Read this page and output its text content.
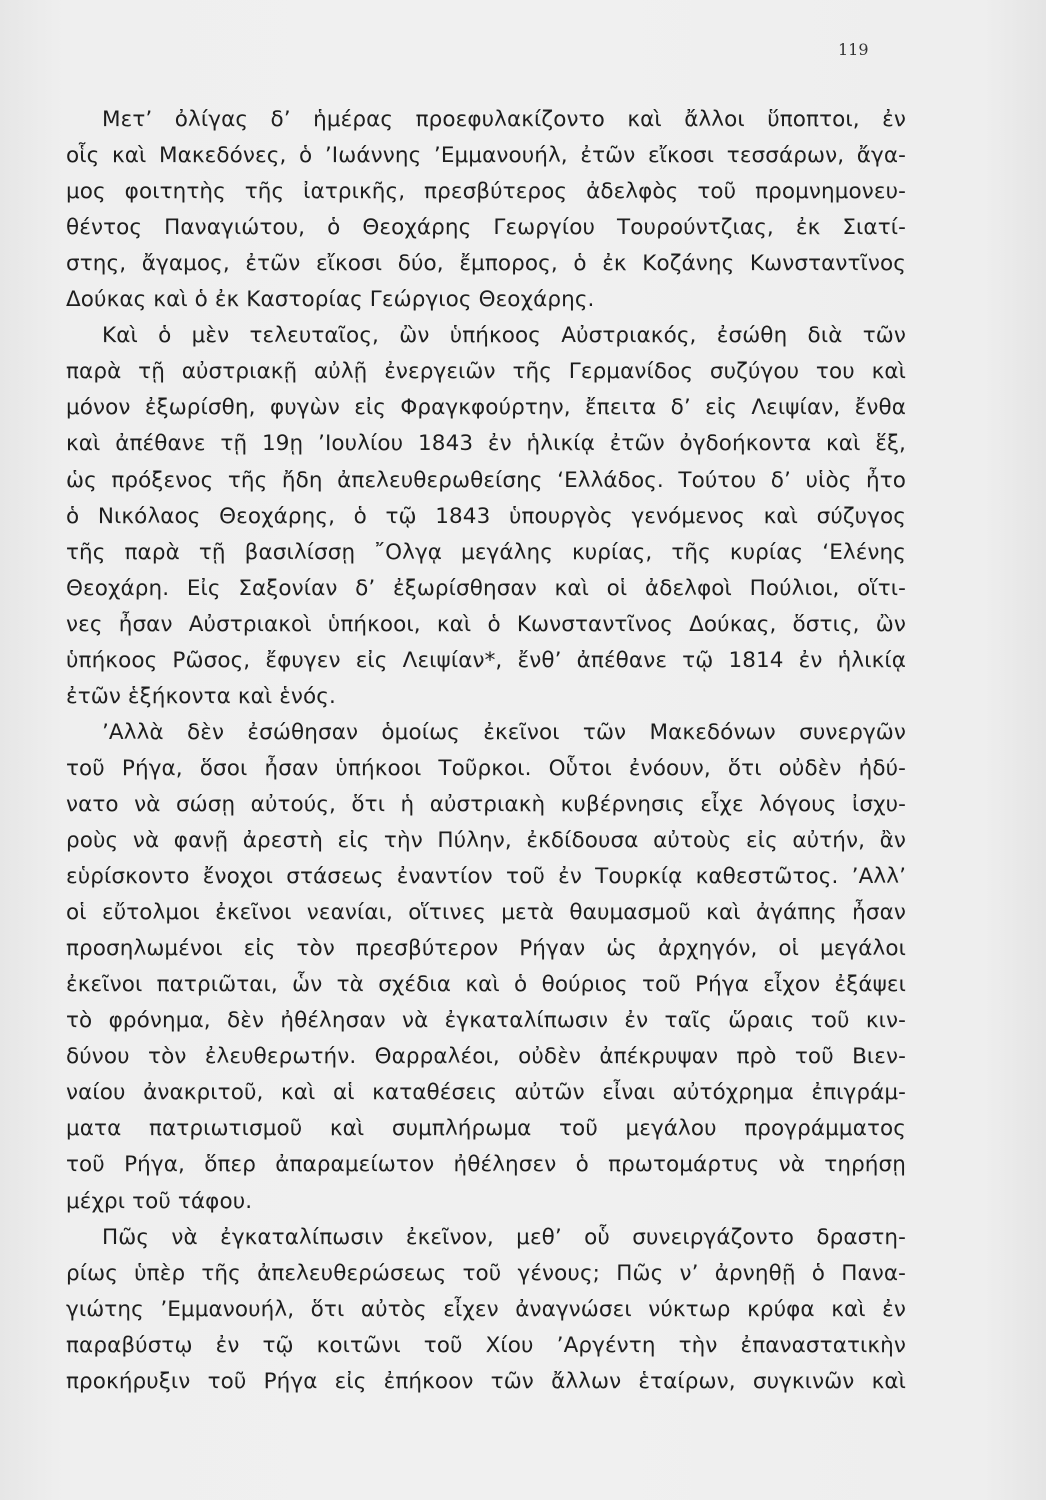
119
Μετ’ ὀλίγας δ’ ἡμέρας προεφυλακίζοντο καὶ ἄλλοι ὕποπτοι, ἐν
οἷς καὶ Μακεδόνες, ὁ ’Ιωάννης ’Εμμανουήλ, ἐτῶν εἴκοσι τεσσάρων, ἄγα-
μος φοιτητὴς τῆς ἰατρικῆς, πρεσβύτερος ἀδελφὸς τοῦ προμνημονευ-
θέντος Παναγιώτου, ὁ Θεοχάρης Γεωργίου Τουρούντζιας, ἐκ Σιατί-
στης, ἄγαμος, ἐτῶν εἴκοσι δύο, ἔμπορος, ὁ ἐκ Κοζάνης Κωνσταντῖνος
Δούκας καὶ ὁ ἐκ Καστορίας Γεώργιος Θεοχάρης.
Καὶ ὁ μὲν τελευταῖος, ὢν ὑπήκοος Αὐστριακός, ἐσώθη διὰ τῶν
παρὰ τῇ αὐστριακῇ αὐλῇ ἐνεργειῶν τῆς Γερμανίδος συζύγου του καὶ
μόνον ἐξωρίσθη, φυγὼν εἰς Φραγκφούρτην, ἔπειτα δ’ εἰς Λειψίαν, ἔνθα
καὶ ἀπέθανε τῇ 19ῃ ’Ιουλίου 1843 ἐν ἡλικίᾳ ἐτῶν ὀγδοήκοντα καὶ ἕξ,
ὡς πρόξενος τῆς ἤδη ἀπελευθερωθείσης ‘Ελλάδος. Τούτου δ’ υἱὸς ἦτο
ὁ Νικόλαος Θεοχάρης, ὁ τῷ 1843 ὑπουργὸς γενόμενος καὶ σύζυγος
τῆς παρὰ τῇ βασιλίσσῃ ῎Ολγᾳ μεγάλης κυρίας, τῆς κυρίας ‘Ελένης
Θεοχάρη. Εἰς Σαξονίαν δ’ ἐξωρίσθησαν καὶ οἱ ἀδελφοὶ Πούλιοι, οἵτι-
νες ἦσαν Αὐστριακοὶ ὑπήκοοι, καὶ ὁ Κωνσταντῖνος Δούκας, ὅστις, ὢν
ὑπήκοος Ρῶσος, ἔφυγεν εἰς Λειψίαν*, ἔνθ’ ἀπέθανε τῷ 1814 ἐν ἡλικίᾳ
ἐτῶν ἑξήκοντα καὶ ἑνός.
’Αλλὰ δὲν ἐσώθησαν ὁμοίως ἐκεῖνοι τῶν Μακεδόνων συνεργῶν
τοῦ Ρήγα, ὅσοι ἦσαν ὑπήκοοι Τοῦρκοι. Οὗτοι ἐνόουν, ὅτι οὐδὲν ἠδύ-
νατο νὰ σώσῃ αὐτούς, ὅτι ἡ αὐστριακὴ κυβέρνησις εἶχε λόγους ἰσχυ-
ροὺς νὰ φανῇ ἀρεστὴ εἰς τὴν Πύλην, ἐκδίδουσα αὐτοὺς εἰς αὐτήν, ἂν
εὑρίσκοντο ἔνοχοι στάσεως ἐναντίον τοῦ ἐν Τουρκίᾳ καθεστῶτος. ’Αλλ’
οἱ εὔτολμοι ἐκεῖνοι νεανίαι, οἵτινες μετὰ θαυμασμοῦ καὶ ἀγάπης ἦσαν
προσηλωμένοι εἰς τὸν πρεσβύτερον Ρήγαν ὡς ἀρχηγόν, οἱ μεγάλοι
ἐκεῖνοι πατριῶται, ὧν τὰ σχέδια καὶ ὁ θούριος τοῦ Ρήγα εἶχον ἐξάψει
τὸ φρόνημα, δὲν ἠθέλησαν νὰ ἐγκαταλίπωσιν ἐν ταῖς ὥραις τοῦ κιν-
δύνου τὸν ἐλευθερωτήν. Θαρραλέοι, οὐδὲν ἀπέκρυψαν πρὸ τοῦ Βιεν-
ναίου ἀνακριτοῦ, καὶ αἱ καταθέσεις αὐτῶν εἶναι αὐτόχρημα ἐπιγράμ-
ματα πατριωτισμοῦ καὶ συμπλήρωμα τοῦ μεγάλου προγράμματος
τοῦ Ρήγα, ὅπερ ἀπαραμείωτον ἠθέλησεν ὁ πρωτομάρτυς νὰ τηρήσῃ
μέχρι τοῦ τάφου.
Πῶς νὰ ἐγκαταλίπωσιν ἐκεῖνον, μεθ’ οὗ συνειργάζοντο δραστη-
ρίως ὑπὲρ τῆς ἀπελευθερώσεως τοῦ γένους; Πῶς ν’ ἀρνηθῇ ὁ Πανα-
γιώτης ’Εμμανουήλ, ὅτι αὐτὸς εἶχεν ἀναγνώσει νύκτωρ κρύφα καὶ ἐν
παραβύστῳ ἐν τῷ κοιτῶνι τοῦ Χίου ’Αργέντη τὴν ἐπαναστατικὴν
προκήρυξιν τοῦ Ρήγα εἰς ἐπήκοον τῶν ἄλλων ἑταίρων, συγκινῶν καὶ
